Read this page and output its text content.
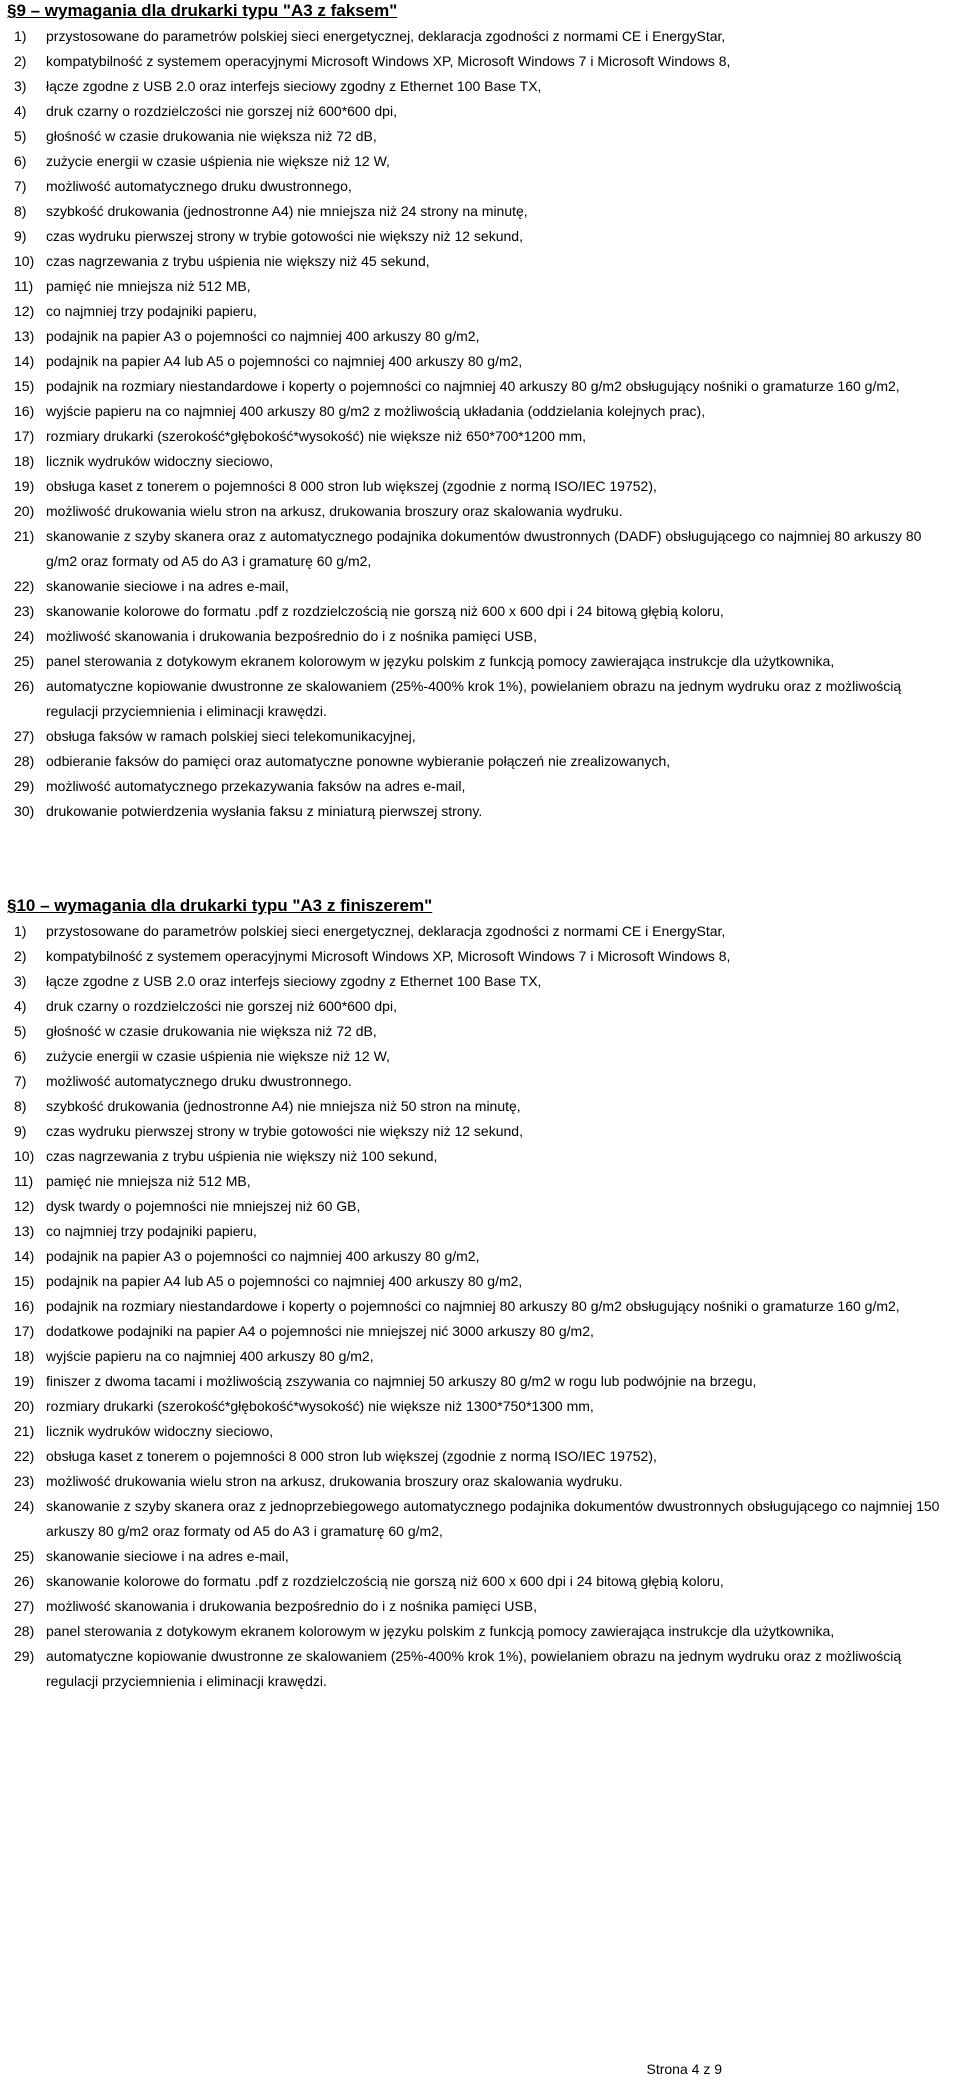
§9 – wymagania dla drukarki typu "A3 z faksem"
1)	przystosowane do parametrów polskiej sieci energetycznej, deklaracja zgodności z normami CE i EnergyStar,
2)	kompatybilność z systemem operacyjnymi Microsoft Windows XP, Microsoft Windows 7 i Microsoft Windows 8,
3)	łącze zgodne z USB 2.0 oraz interfejs sieciowy zgodny z Ethernet 100 Base TX,
4)	druk czarny o rozdzielczości nie gorszej niż 600*600 dpi,
5)	głośność w czasie drukowania nie większa niż 72 dB,
6)	zużycie energii w czasie uśpienia nie większe niż 12 W,
7)	możliwość automatycznego druku dwustronnego,
8)	szybkość drukowania (jednostronne A4) nie mniejsza niż 24 strony na minutę,
9)	czas wydruku pierwszej strony w trybie gotowości nie większy niż 12 sekund,
10) czas nagrzewania z trybu uśpienia nie większy niż 45 sekund,
11) pamięć nie mniejsza niż 512 MB,
12) co najmniej trzy podajniki papieru,
13) podajnik na papier A3 o pojemności co najmniej 400 arkuszy 80 g/m2,
14) podajnik na papier A4 lub A5 o pojemności co najmniej 400 arkuszy 80 g/m2,
15) podajnik na rozmiary niestandardowe i koperty o pojemności co najmniej 40 arkuszy 80 g/m2 obsługujący nośniki o gramaturze 160 g/m2,
16) wyjście papieru na co najmniej 400 arkuszy 80 g/m2 z możliwością układania (oddzielania kolejnych prac),
17) rozmiary drukarki (szerokość*głębokość*wysokość) nie większe niż 650*700*1200 mm,
18) licznik wydruków widoczny sieciowo,
19) obsługa kaset z tonerem o pojemności 8 000 stron lub większej (zgodnie z normą ISO/IEC 19752),
20) możliwość drukowania wielu stron na arkusz, drukowania broszury oraz skalowania wydruku.
21) skanowanie z szyby skanera oraz z automatycznego podajnika dokumentów dwustronnych (DADF) obsługującego co najmniej 80 arkuszy 80 g/m2 oraz formaty od A5 do A3 i gramaturę 60 g/m2,
22) skanowanie sieciowe i na adres e-mail,
23) skanowanie kolorowe do formatu .pdf z rozdzielczością nie gorszą niż 600 x 600 dpi i 24 bitową głębią koloru,
24) możliwość skanowania i drukowania bezpośrednio do i z nośnika pamięci USB,
25) panel sterowania z dotykowym ekranem kolorowym w języku polskim z funkcją pomocy zawierająca instrukcje dla użytkownika,
26) automatyczne kopiowanie dwustronne ze skalowaniem (25%-400% krok 1%), powielaniem obrazu na jednym wydruku oraz z możliwością regulacji przyciemnienia i eliminacji krawędzi.
27) obsługa faksów w ramach polskiej sieci telekomunikacyjnej,
28) odbieranie faksów do pamięci oraz automatyczne ponowne wybieranie połączeń nie zrealizowanych,
29) możliwość automatycznego przekazywania faksów na adres e-mail,
30) drukowanie potwierdzenia wysłania faksu z miniaturą pierwszej strony.
§10 – wymagania dla drukarki typu "A3 z finiszerem"
1)	przystosowane do parametrów polskiej sieci energetycznej, deklaracja zgodności z normami CE i EnergyStar,
2)	kompatybilność z systemem operacyjnymi Microsoft Windows XP, Microsoft Windows 7 i Microsoft Windows 8,
3)	łącze zgodne z USB 2.0 oraz interfejs sieciowy zgodny z Ethernet 100 Base TX,
4)	druk czarny o rozdzielczości nie gorszej niż 600*600 dpi,
5)	głośność w czasie drukowania nie większa niż 72 dB,
6)	zużycie energii w czasie uśpienia nie większe niż 12 W,
7)	możliwość automatycznego druku dwustronnego.
8)	szybkość drukowania (jednostronne A4) nie mniejsza niż 50 stron na minutę,
9)	czas wydruku pierwszej strony w trybie gotowości nie większy niż 12 sekund,
10) czas nagrzewania z trybu uśpienia nie większy niż 100 sekund,
11) pamięć nie mniejsza niż 512 MB,
12) dysk twardy o pojemności nie mniejszej niż 60 GB,
13) co najmniej trzy podajniki papieru,
14) podajnik na papier A3 o pojemności co najmniej 400 arkuszy 80 g/m2,
15) podajnik na papier A4 lub A5 o pojemności co najmniej 400 arkuszy 80 g/m2,
16) podajnik na rozmiary niestandardowe i koperty o pojemności co najmniej 80 arkuszy 80 g/m2 obsługujący nośniki o gramaturze 160 g/m2,
17) dodatkowe podajniki na papier A4 o pojemności nie mniejszej nić 3000 arkuszy 80 g/m2,
18) wyjście papieru na co najmniej 400 arkuszy 80 g/m2,
19) finiszer z dwoma tacami i możliwością zszywania co najmniej 50 arkuszy 80 g/m2 w rogu lub podwójnie na brzegu,
20) rozmiary drukarki (szerokość*głębokość*wysokość) nie większe niż 1300*750*1300 mm,
21) licznik wydruków widoczny sieciowo,
22) obsługa kaset z tonerem o pojemności 8 000 stron lub większej (zgodnie z normą ISO/IEC 19752),
23) możliwość drukowania wielu stron na arkusz, drukowania broszury oraz skalowania wydruku.
24) skanowanie z szyby skanera oraz z jednoprzebiegowego automatycznego podajnika dokumentów dwustronnych obsługującego co najmniej 150 arkuszy 80 g/m2 oraz formaty od A5 do A3 i gramaturę 60 g/m2,
25) skanowanie sieciowe i na adres e-mail,
26) skanowanie kolorowe do formatu .pdf z rozdzielczością nie gorszą niż 600 x 600 dpi i 24 bitową głębią koloru,
27) możliwość skanowania i drukowania bezpośrednio do i z nośnika pamięci USB,
28) panel sterowania z dotykowym ekranem kolorowym w języku polskim z funkcją pomocy zawierająca instrukcje dla użytkownika,
29) automatyczne kopiowanie dwustronne ze skalowaniem (25%-400% krok 1%), powielaniem obrazu na jednym wydruku oraz z możliwością regulacji przyciemnienia i eliminacji krawędzi.
Strona 4 z 9
